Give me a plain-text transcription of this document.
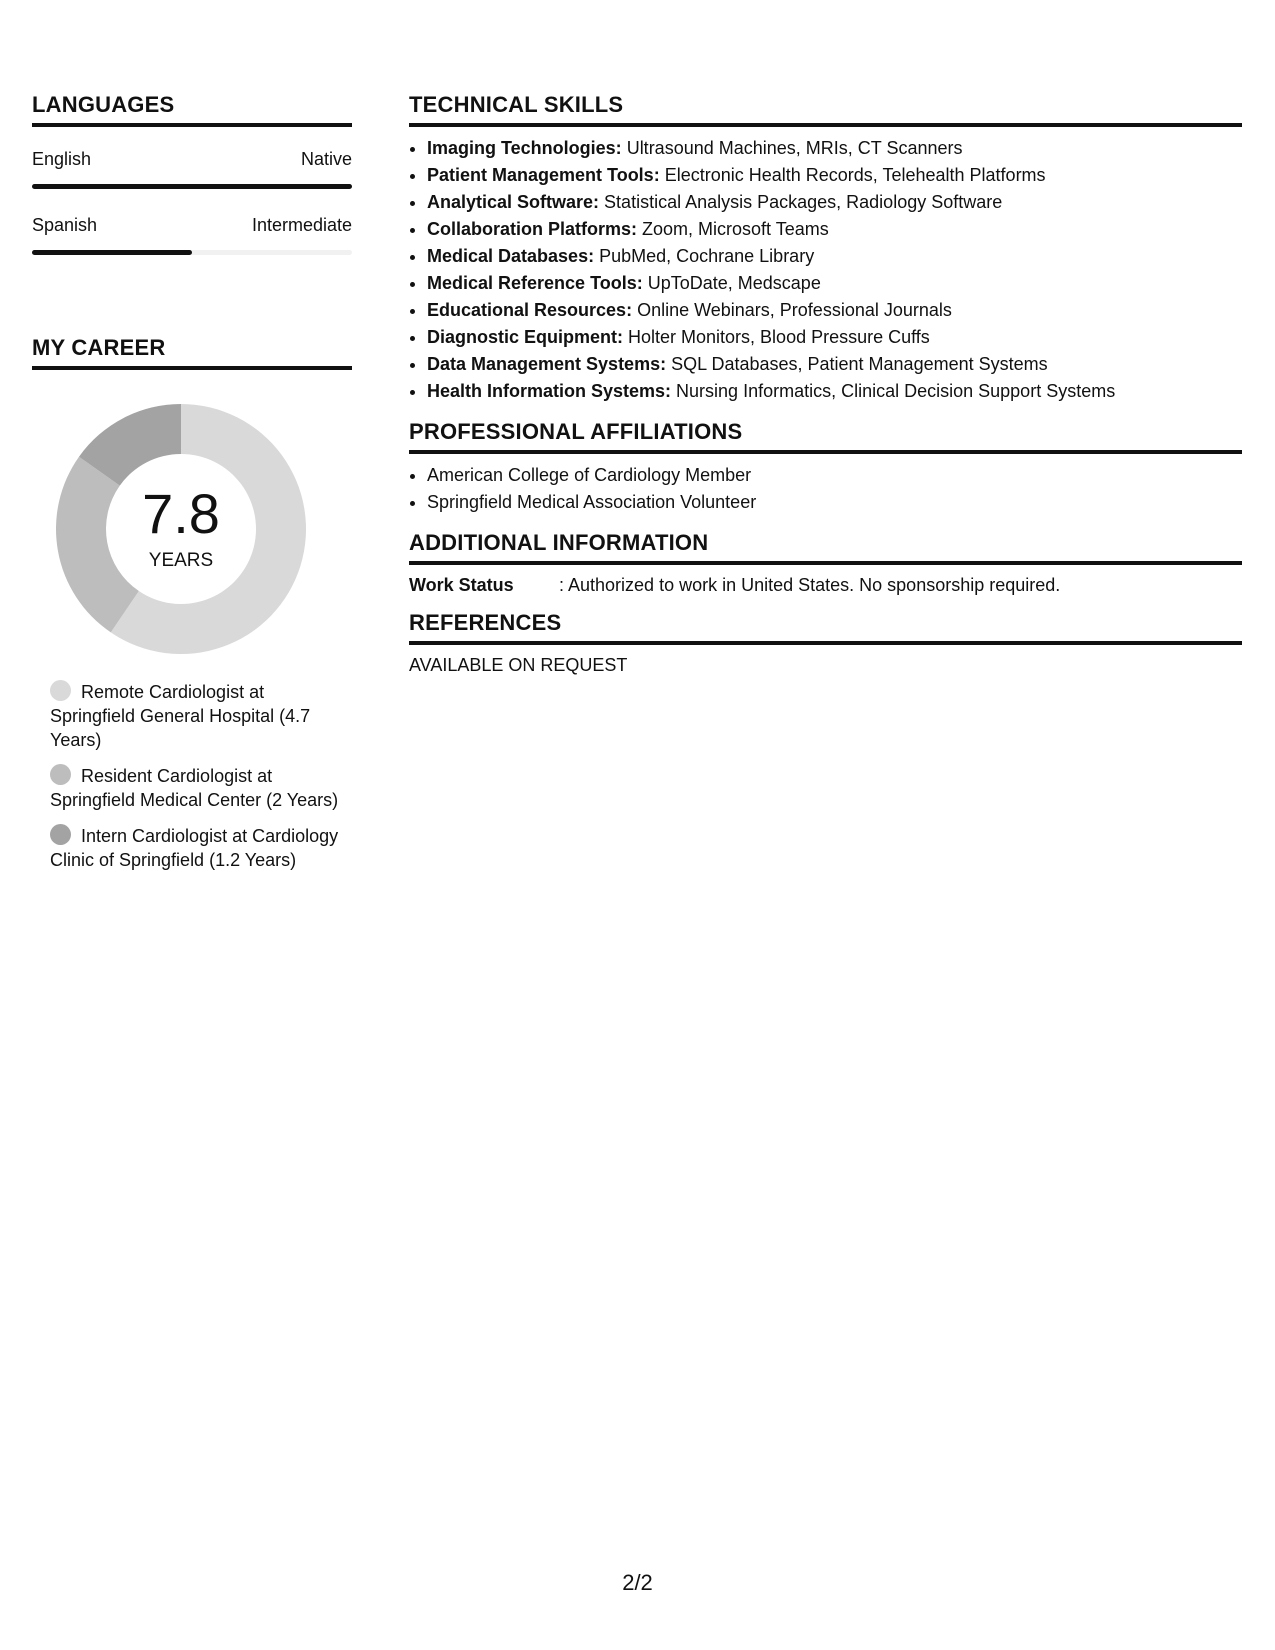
LANGUAGES
English	Native
Spanish	Intermediate
MY CAREER
7.8
YEARS
Remote Cardiologist at Springfield General Hospital (4.7 Years)
Resident Cardiologist at Springfield Medical Center (2 Years)
Intern Cardiologist at Cardiology Clinic of Springfield (1.2 Years)
TECHNICAL SKILLS
• Imaging Technologies: Ultrasound Machines, MRIs, CT Scanners
• Patient Management Tools: Electronic Health Records, Telehealth Platforms
• Analytical Software: Statistical Analysis Packages, Radiology Software
• Collaboration Platforms: Zoom, Microsoft Teams
• Medical Databases: PubMed, Cochrane Library
• Medical Reference Tools: UpToDate, Medscape
• Educational Resources: Online Webinars, Professional Journals
• Diagnostic Equipment: Holter Monitors, Blood Pressure Cuffs
• Data Management Systems: SQL Databases, Patient Management Systems
• Health Information Systems: Nursing Informatics, Clinical Decision Support Systems
PROFESSIONAL AFFILIATIONS
• American College of Cardiology Member
• Springfield Medical Association Volunteer
ADDITIONAL INFORMATION
Work Status	: Authorized to work in United States. No sponsorship required.
REFERENCES
AVAILABLE ON REQUEST
2/2
